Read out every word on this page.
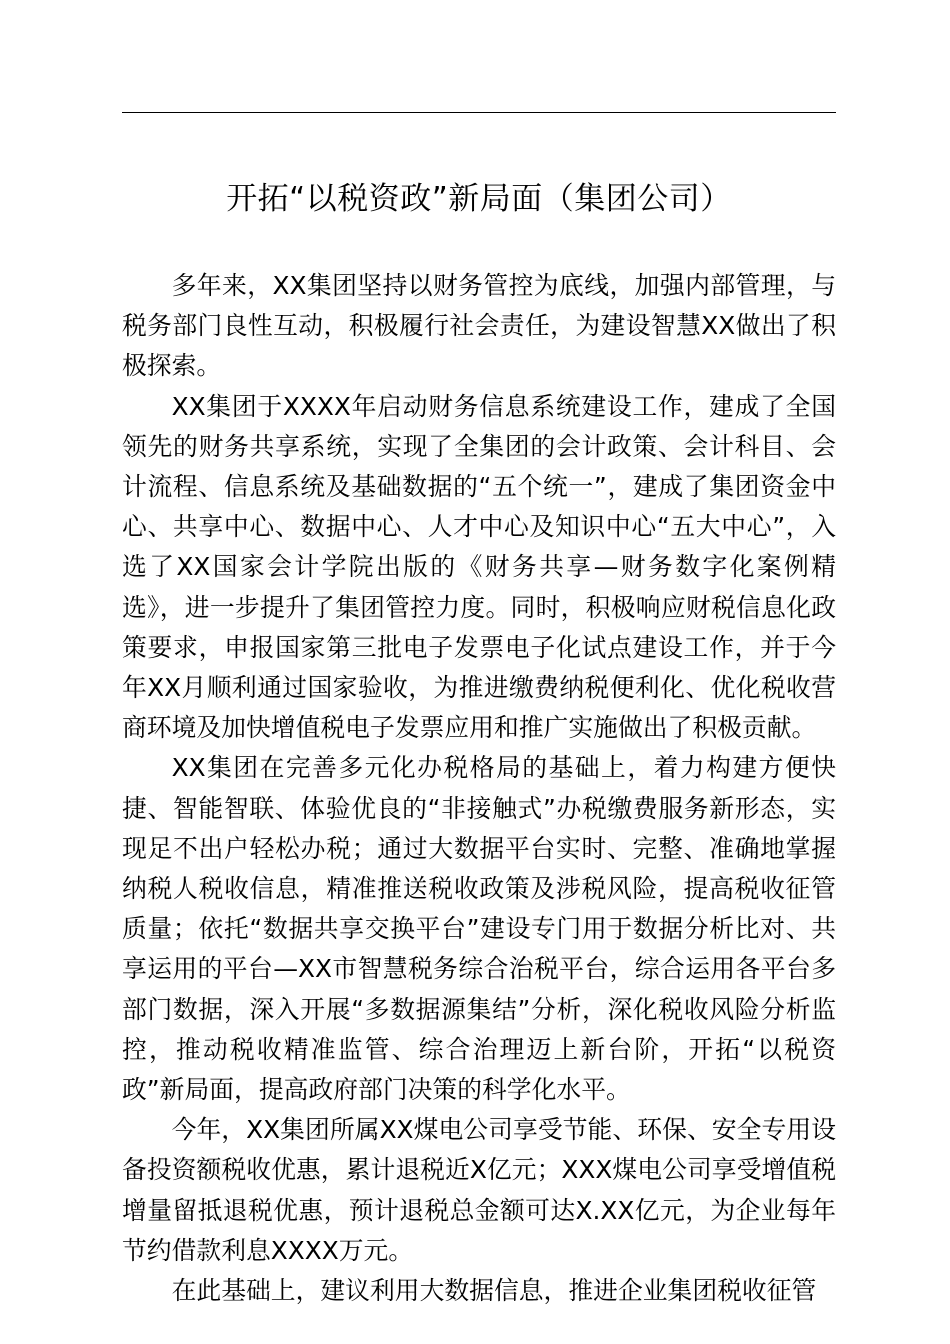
开拓“以税资政”新局面（集团公司）

多年来，XX集团坚持以财务管控为底线，加强内部管理，与税务部门良性互动，积极履行社会责任，为建设智慧XX做出了积极探索。

XX集团于XXXX年启动财务信息系统建设工作，建成了全国领先的财务共享系统，实现了全集团的会计政策、会计科目、会计流程、信息系统及基础数据的“五个统一”，建成了集团资金中心、共享中心、数据中心、人才中心及知识中心“五大中心”，入选了XX国家会计学院出版的《财务共享—财务数字化案例精选》，进一步提升了集团管控力度。同时，积极响应财税信息化政策要求，申报国家第三批电子发票电子化试点建设工作，并于今年XX月顺利通过国家验收，为推进缴费纳税便利化、优化税收营商环境及加快增值税电子发票应用和推广实施做出了积极贡献。

XX集团在完善多元化办税格局的基础上，着力构建方便快捷、智能智联、体验优良的“非接触式”办税缴费服务新形态，实现足不出户轻松办税；通过大数据平台实时、完整、准确地掌握纳税人税收信息，精准推送税收政策及涉税风险，提高税收征管质量；依托“数据共享交换平台”建设专门用于数据分析比对、共享运用的平台—XX市智慧税务综合治税平台，综合运用各平台多部门数据，深入开展“多数据源集结”分析，深化税收风险分析监控，推动税收精准监管、综合治理迈上新台阶，开拓“以税资政”新局面，提高政府部门决策的科学化水平。

今年，XX集团所属XX煤电公司享受节能、环保、安全专用设备投资额税收优惠，累计退税近X亿元；XXX煤电公司享受增值税增量留抵退税优惠，预计退税总金额可达X.XX亿元，为企业每年节约借款利息XXXX万元。

在此基础上，建议利用大数据信息，推进企业集团税收征管
